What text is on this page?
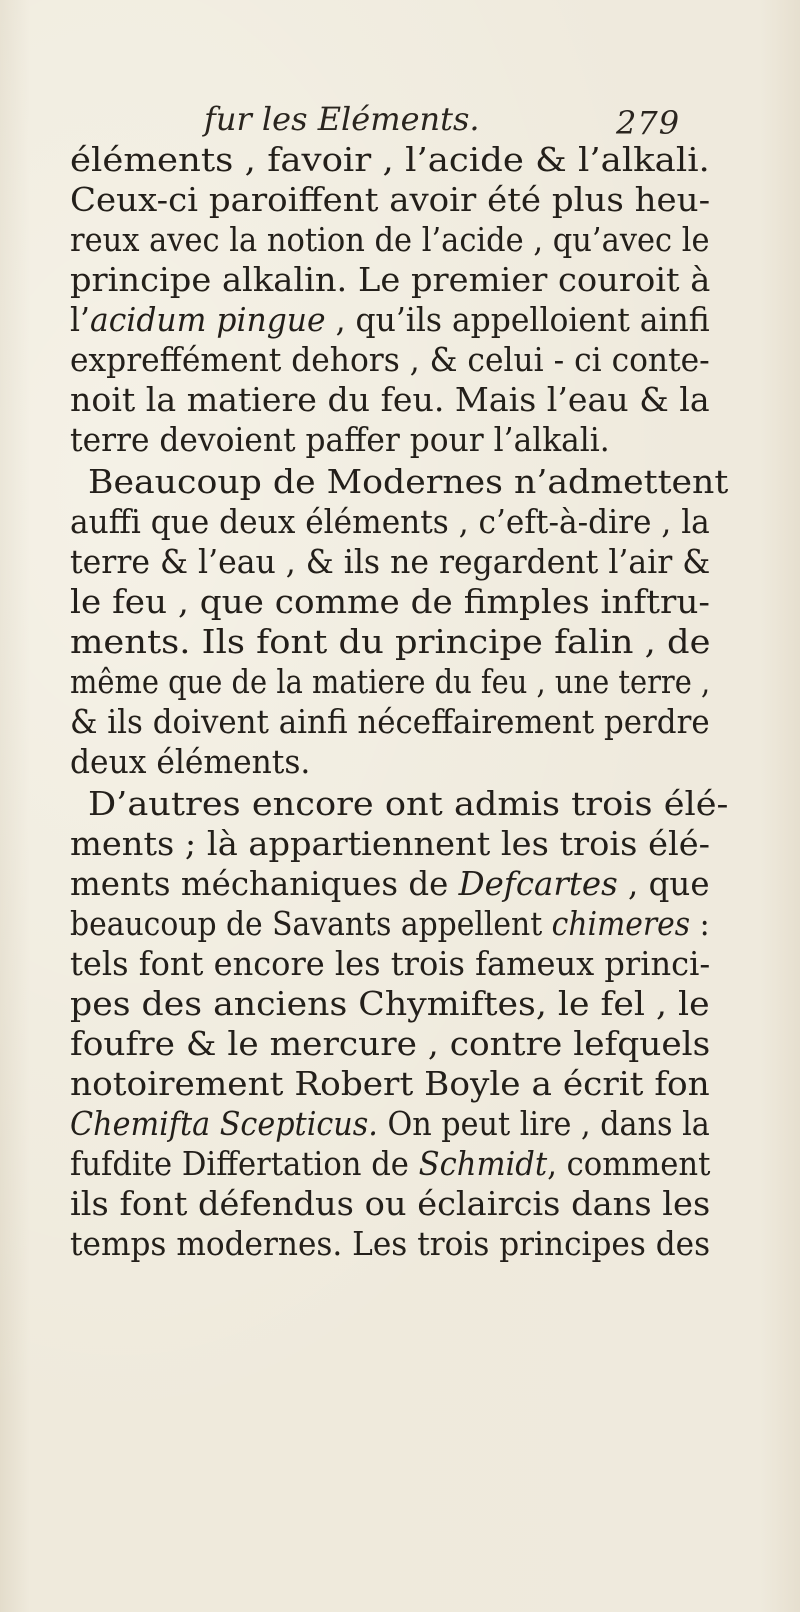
fur les Eléments.	279
éléments , favoir , l’acide & l’alkali.
Ceux-ci paroiffent avoir été plus heu-
reux avec la notion de l’acide , qu’avec le
principe alkalin. Le premier couroit à
l’acidum pingue , qu’ils appelloient ainfi
expreffément dehors , & celui - ci conte-
noit la matiere du feu. Mais l’eau & la
terre devoient paffer pour l’alkali.
Beaucoup de Modernes n’admettent
auffi que deux éléments , c’eft-à-dire , la
terre & l’eau , & ils ne regardent l’air &
le feu , que comme de fimples inftru-
ments. Ils font du principe falin , de
même que de la matiere du feu , une terre ,
& ils doivent ainfi néceffairement perdre
deux éléments.
D’autres encore ont admis trois élé-
ments ; là appartiennent les trois élé-
ments méchaniques de Defcartes , que
beaucoup de Savants appellent chimeres :
tels font encore les trois fameux princi-
pes des anciens Chymiftes, le fel , le
foufre & le mercure , contre lefquels
notoirement Robert Boyle a écrit fon
Chemifta Scepticus. On peut lire , dans la
fufdite Differtation de Schmidt, comment
ils font défendus ou éclaircis dans les
temps modernes. Les trois principes des
